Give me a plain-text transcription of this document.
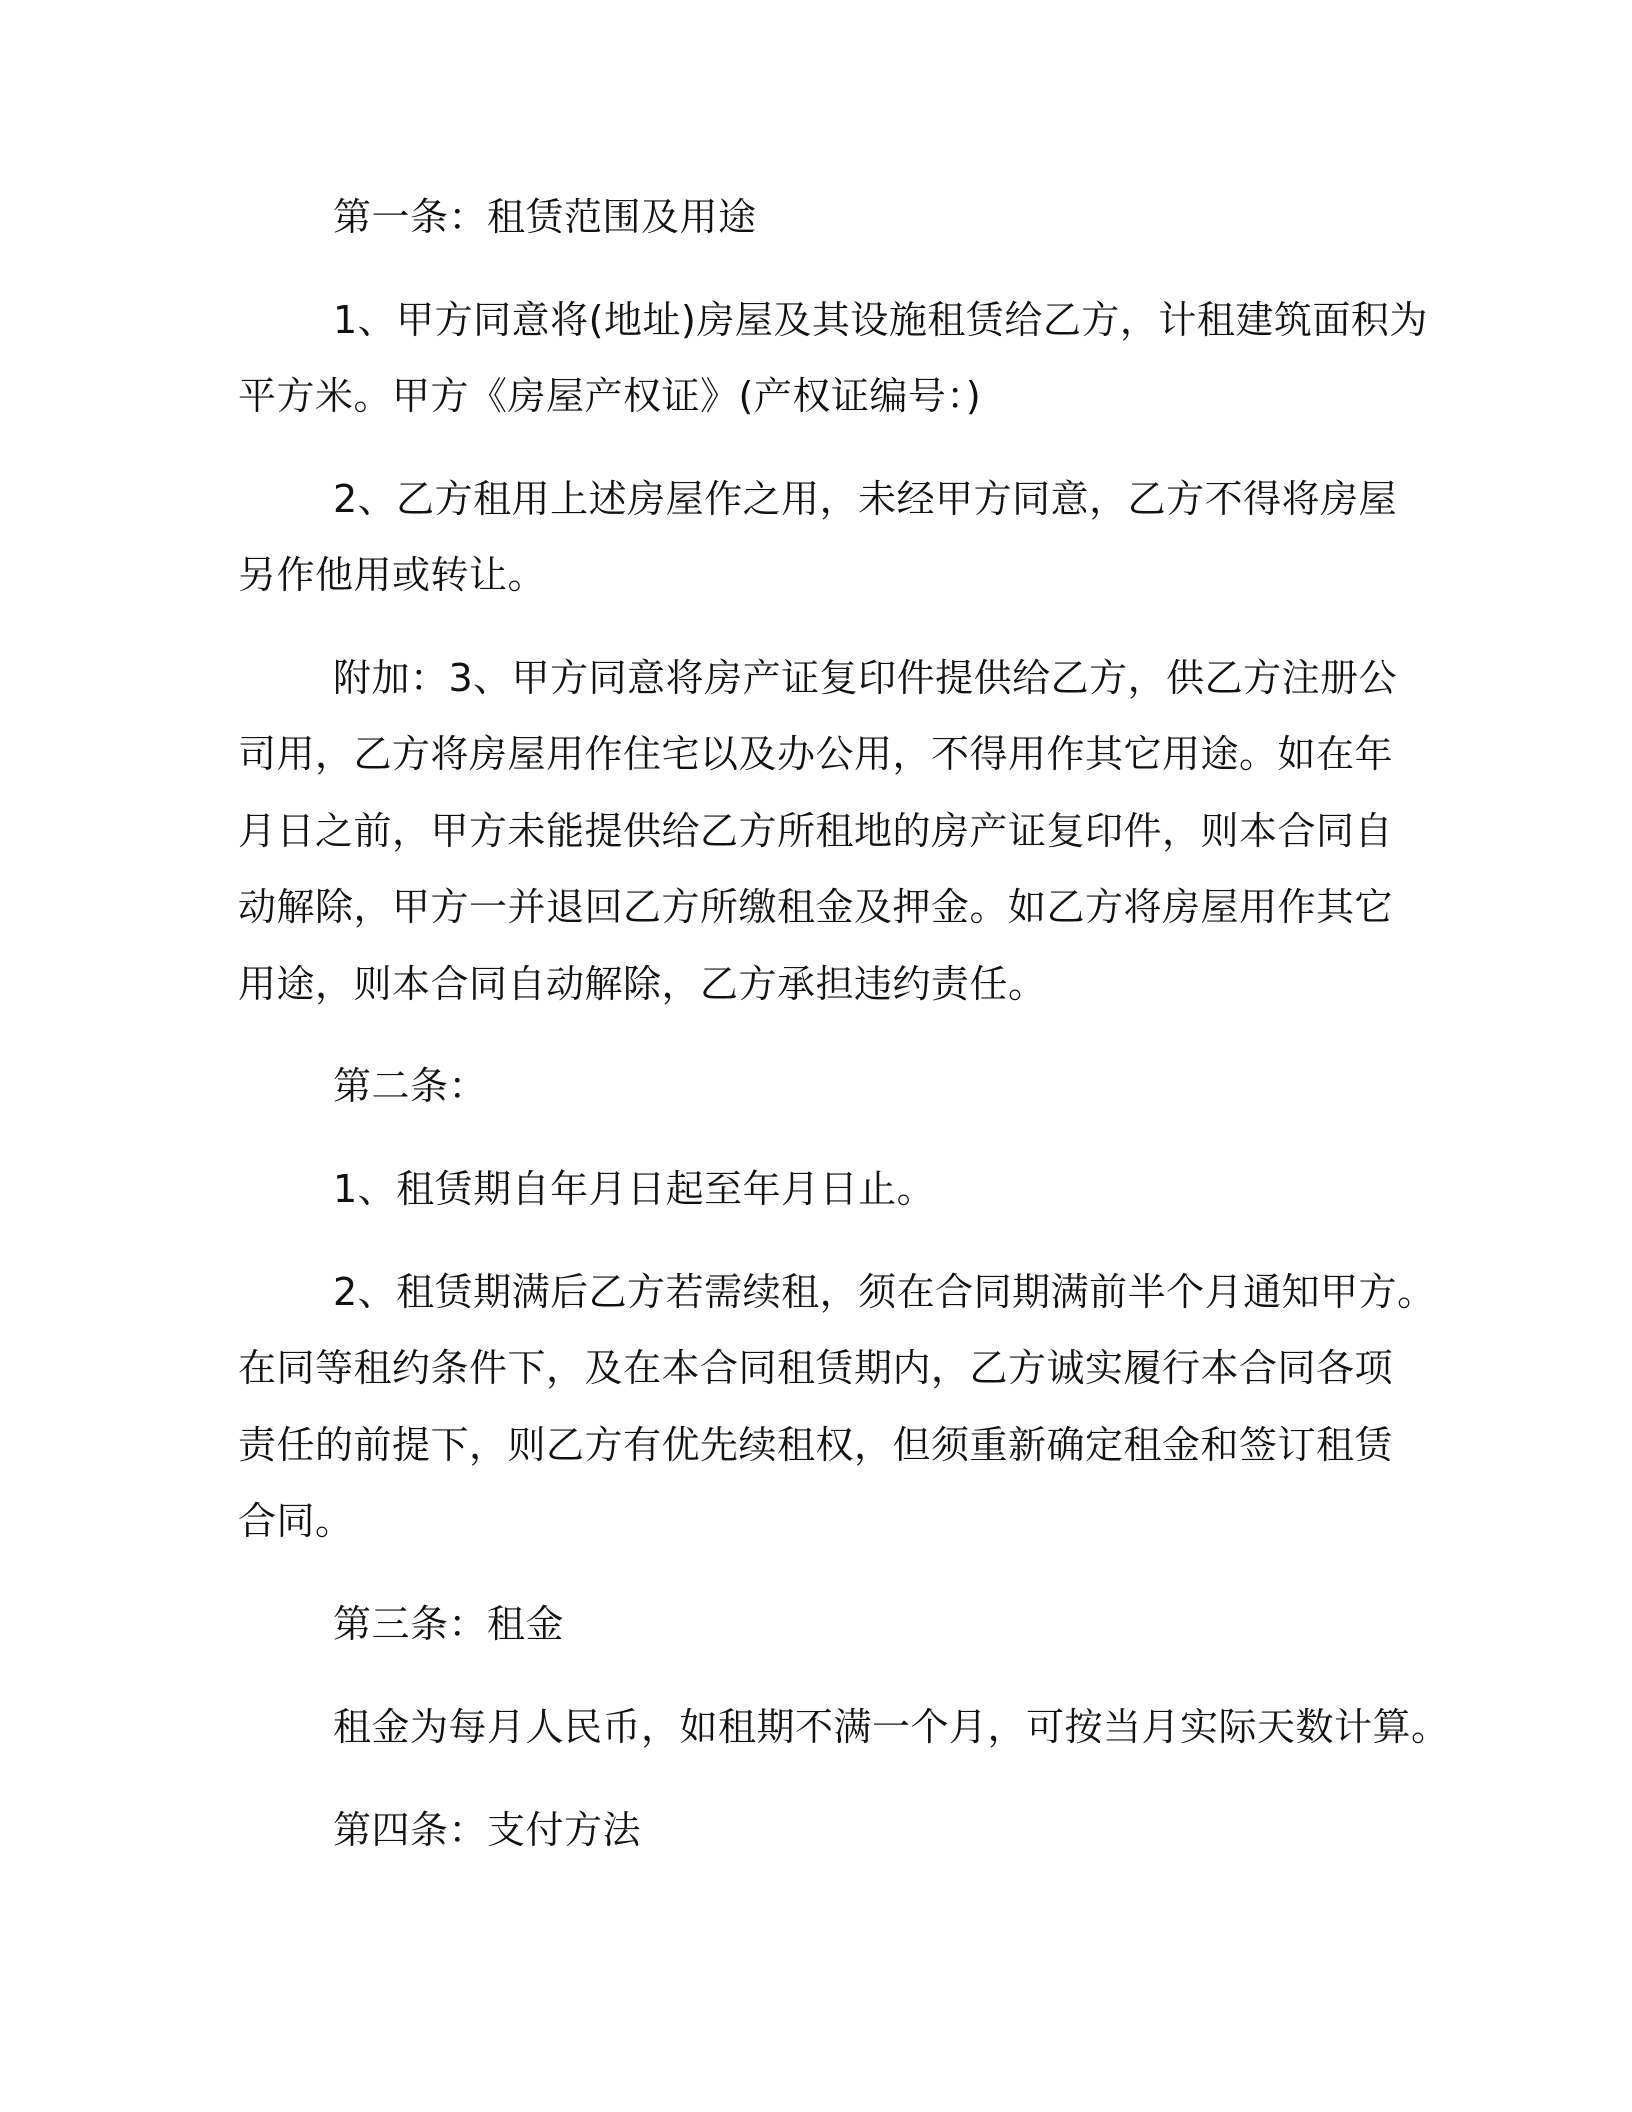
第一条：租赁范围及用途
1、甲方同意将(地址)房屋及其设施租赁给乙方，计租建筑面积为
平方米。甲方《房屋产权证》(产权证编号：)
2、乙方租用上述房屋作之用，未经甲方同意，乙方不得将房屋
另作他用或转让。
附加：3、甲方同意将房产证复印件提供给乙方，供乙方注册公
司用，乙方将房屋用作住宅以及办公用，不得用作其它用途。如在年
月日之前，甲方未能提供给乙方所租地的房产证复印件，则本合同自
动解除，甲方一并退回乙方所缴租金及押金。如乙方将房屋用作其它
用途，则本合同自动解除，乙方承担违约责任。
第二条：
1、租赁期自年月日起至年月日止。
2、租赁期满后乙方若需续租，须在合同期满前半个月通知甲方。
在同等租约条件下，及在本合同租赁期内，乙方诚实履行本合同各项
责任的前提下，则乙方有优先续租权，但须重新确定租金和签订租赁
合同。
第三条：租金
租金为每月人民币，如租期不满一个月，可按当月实际天数计算。
第四条：支付方法
